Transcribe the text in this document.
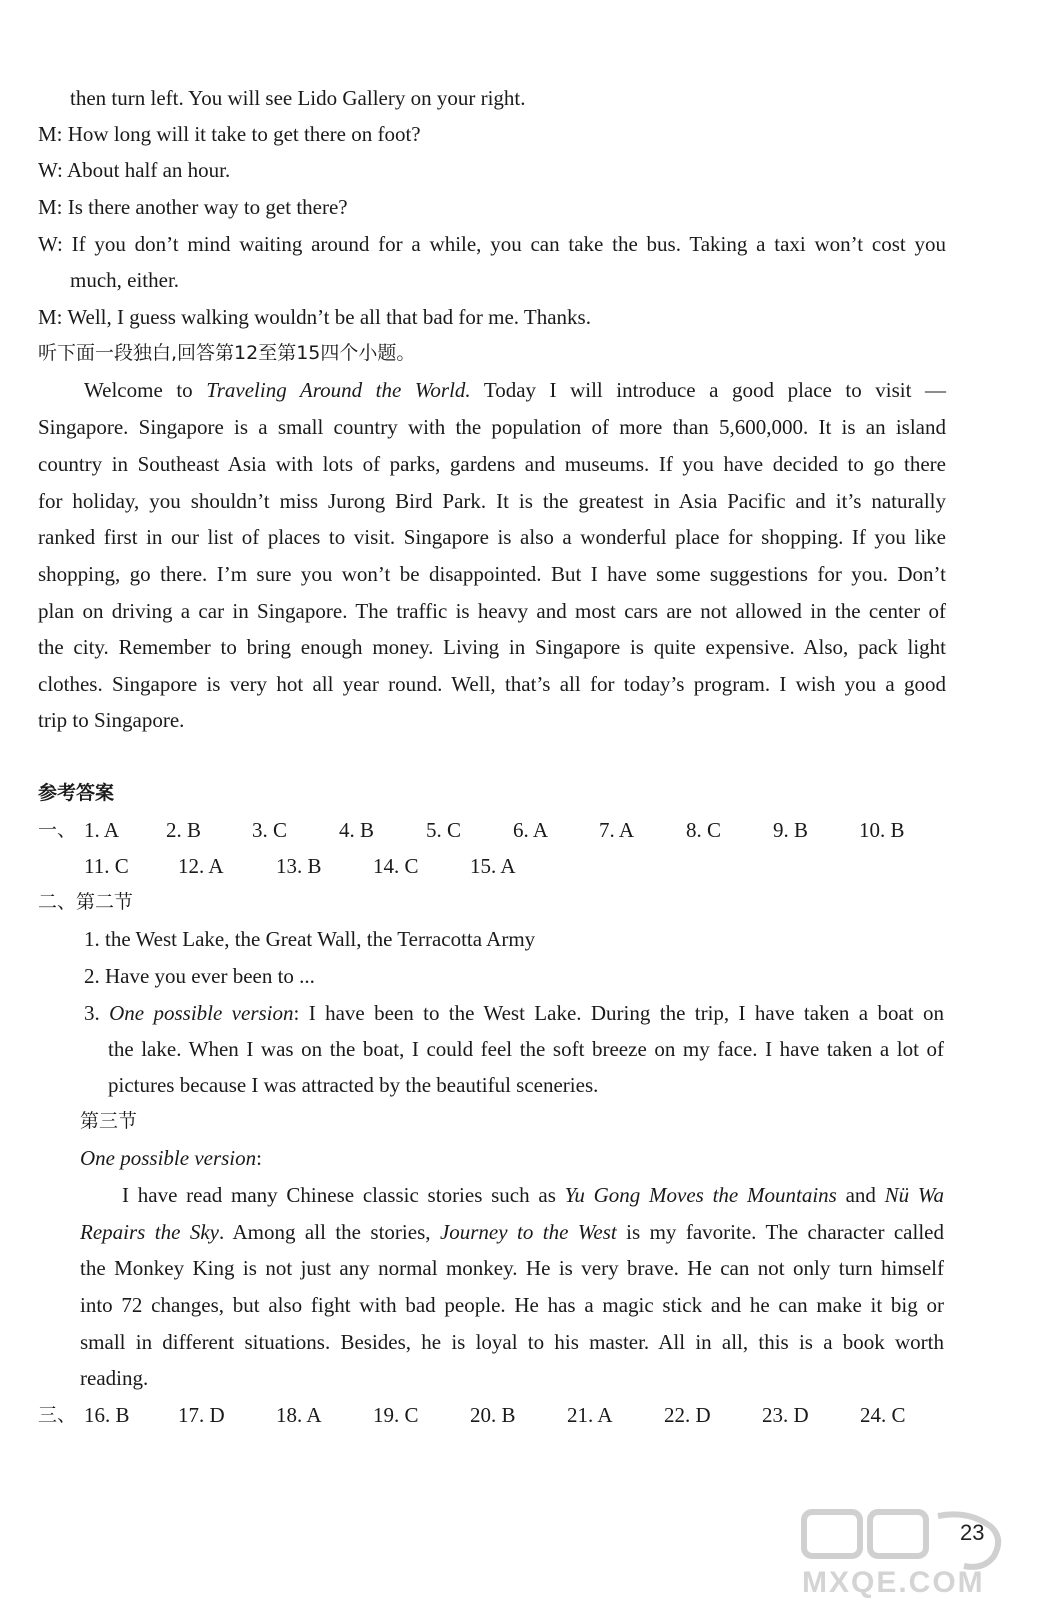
then turn left. You will see Lido Gallery on your right.
M: How long will it take to get there on foot?
W: About half an hour.
M: Is there another way to get there?
W: If you don’t mind waiting around for a while, you can take the bus. Taking a taxi won’t cost you
much, either.
M: Well, I guess walking wouldn’t be all that bad for me. Thanks.
听下面一段独白,回答第12至第15四个小题。
Welcome to Traveling Around the World. Today I will introduce a good place to visit —
Singapore. Singapore is a small country with the population of more than 5,600,000. It is an island
country in Southeast Asia with lots of parks, gardens and museums. If you have decided to go there
for holiday, you shouldn’t miss Jurong Bird Park. It is the greatest in Asia Pacific and it’s naturally
ranked first in our list of places to visit. Singapore is also a wonderful place for shopping. If you like
shopping, go there. I’m sure you won’t be disappointed. But I have some suggestions for you. Don’t
plan on driving a car in Singapore. The traffic is heavy and most cars are not allowed in the center of
the city. Remember to bring enough money. Living in Singapore is quite expensive. Also, pack light
clothes. Singapore is very hot all year round. Well, that’s all for today’s program. I wish you a good
trip to Singapore.
参考答案
一、 1. A 2. B 3. C 4. B 5. C 6. A 7. A 8. C 9. B 10. B
11. C 12. A 13. B 14. C 15. A
二、第二节
1. the West Lake, the Great Wall, the Terracotta Army
2. Have you ever been to ...
3. One possible version: I have been to the West Lake. During the trip, I have taken a boat on
the lake. When I was on the boat, I could feel the soft breeze on my face. I have taken a lot of
pictures because I was attracted by the beautiful sceneries.
第三节
One possible version:
I have read many Chinese classic stories such as Yu Gong Moves the Mountains and Nü Wa
Repairs the Sky. Among all the stories, Journey to the West is my favorite. The character called
the Monkey King is not just any normal monkey. He is very brave. He can not only turn himself
into 72 changes, but also fight with bad people. He has a magic stick and he can make it big or
small in different situations. Besides, he is loyal to his master. All in all, this is a book worth
reading.
三、 16. B 17. D 18. A 19. C 20. B 21. A 22. D 23. D 24. C
MXQE.COM
23
